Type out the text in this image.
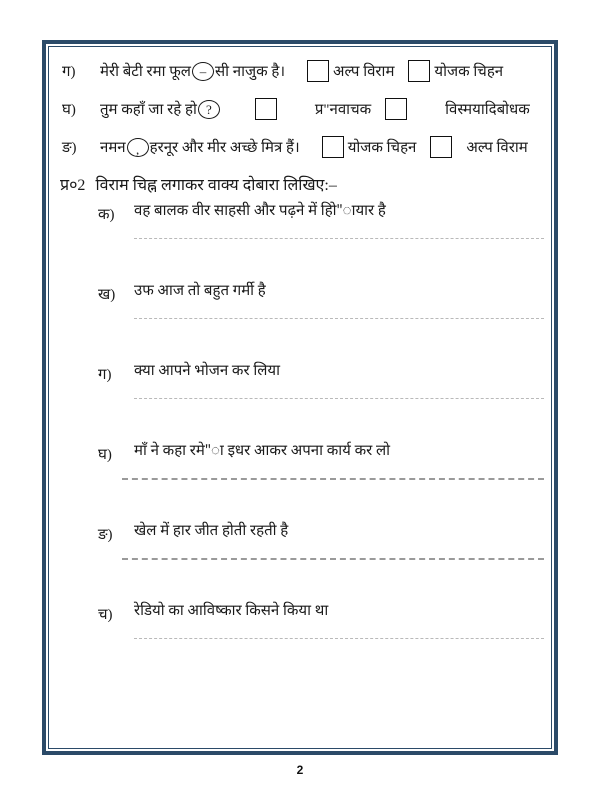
ग)	मेरी बेटी रमा फूल – सी नाजुक है।	अल्प विराम	योजक चिहन
घ)	तुम कहाँ जा रहे हो ?	प्र"नवाचक	विस्मयादिबोधक
ङ)	नमन , हरनूर और मीर अच्छे मित्र हैं।	योजक चिहन	अल्प विराम
प्र०2 विराम चिह्न लगाकर वाक्य दोबारा लिखिए:–
क)	वह बालक वीर साहसी और पढ़ने में होि"ायार है
ख)	उफ आज तो बहुत गर्मी है
ग)	क्या आपने भोजन कर लिया
घ)	माँ ने कहा रमे"ा इधर आकर अपना कार्य कर लो
ङ)	खेल में हार जीत होती रहती है
च)	रेडियो का आविष्कार किसने किया था
2
